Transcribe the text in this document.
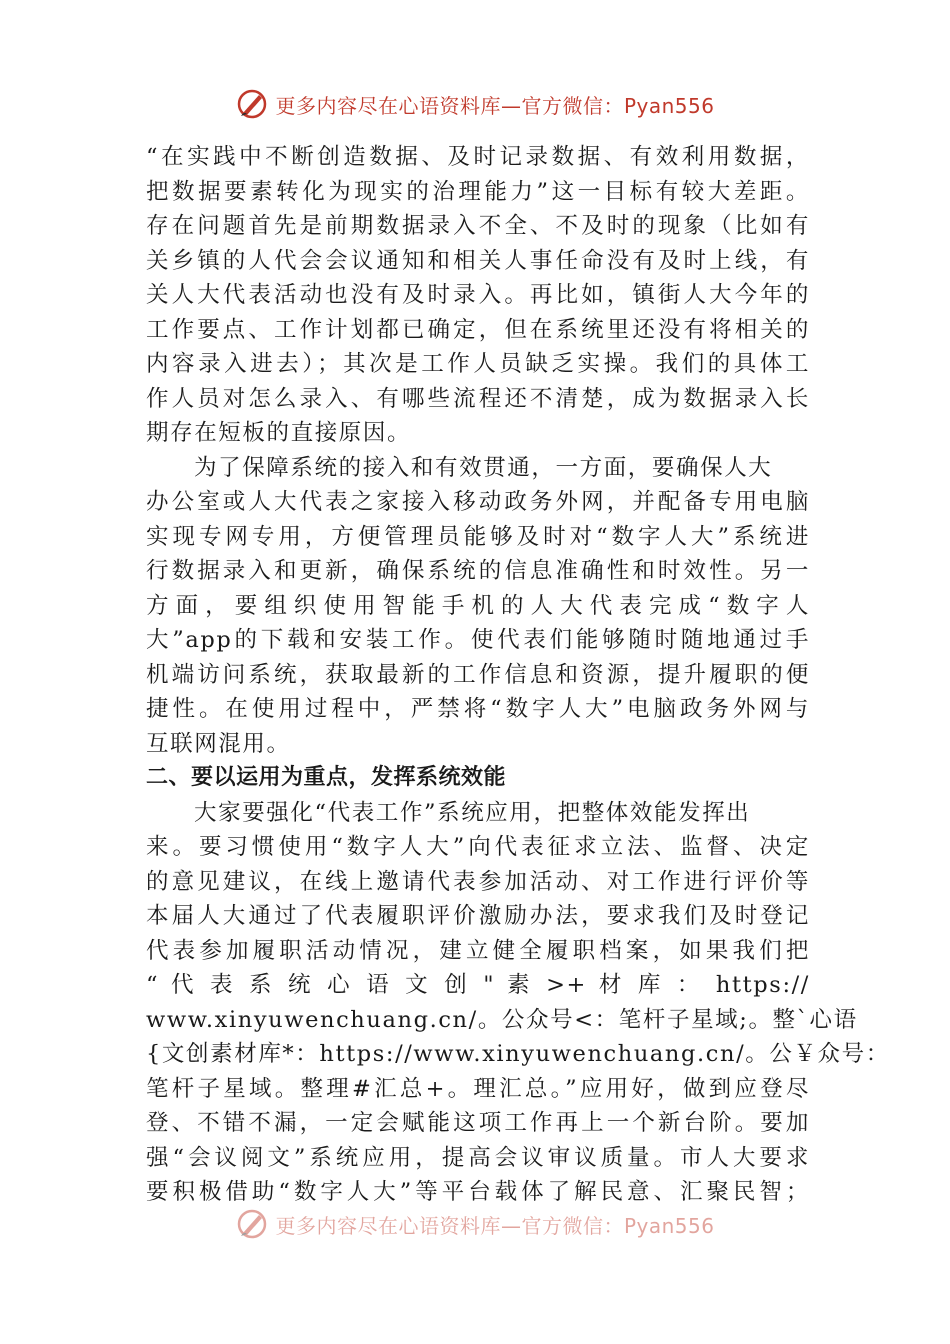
更多内容尽在心语资料库—官方微信：Pyan556
“在实践中不断创造数据、及时记录数据、有效利用数据，
把数据要素转化为现实的治理能力”这一目标有较大差距。
存在问题首先是前期数据录入不全、不及时的现象（比如有
关乡镇的人代会会议通知和相关人事任命没有及时上线，有
关人大代表活动也没有及时录入。再比如，镇街人大今年的
工作要点、工作计划都已确定，但在系统里还没有将相关的
内容录入进去）；其次是工作人员缺乏实操。我们的具体工
作人员对怎么录入、有哪些流程还不清楚，成为数据录入长
期存在短板的直接原因。
为了保障系统的接入和有效贯通，一方面，要确保人大
办公室或人大代表之家接入移动政务外网，并配备专用电脑
实现专网专用，方便管理员能够及时对“数字人大”系统进
行数据录入和更新，确保系统的信息准确性和时效性。另一
方面，要组织使用智能手机的人大代表完成“数字人
大”app的下载和安装工作。使代表们能够随时随地通过手
机端访问系统，获取最新的工作信息和资源，提升履职的便
捷性。在使用过程中，严禁将“数字人大”电脑政务外网与
互联网混用。
二、要以运用为重点，发挥系统效能
大家要强化“代表工作”系统应用，把整体效能发挥出
来。要习惯使用“数字人大”向代表征求立法、监督、决定
的意见建议，在线上邀请代表参加活动、对工作进行评价等
本届人大通过了代表履职评价激励办法，要求我们及时登记
代表参加履职活动情况，建立健全履职档案，如果我们把
“ 代 表 系 统 心 语 文 创 " 素 >+ 材 库 ： https://
www.xinyuwenchuang.cn/。公众号<：笔杆子星域;。整`心语
{文创素材库*：https://www.xinyuwenchuang.cn/。公￥众号：
笔杆子星域。整理#汇总+。理汇总。”应用好，做到应登尽
登、不错不漏，一定会赋能这项工作再上一个新台阶。要加
强“会议阅文”系统应用，提高会议审议质量。市人大要求
要积极借助“数字人大”等平台载体了解民意、汇聚民智；
更多内容尽在心语资料库—官方微信：Pyan556
